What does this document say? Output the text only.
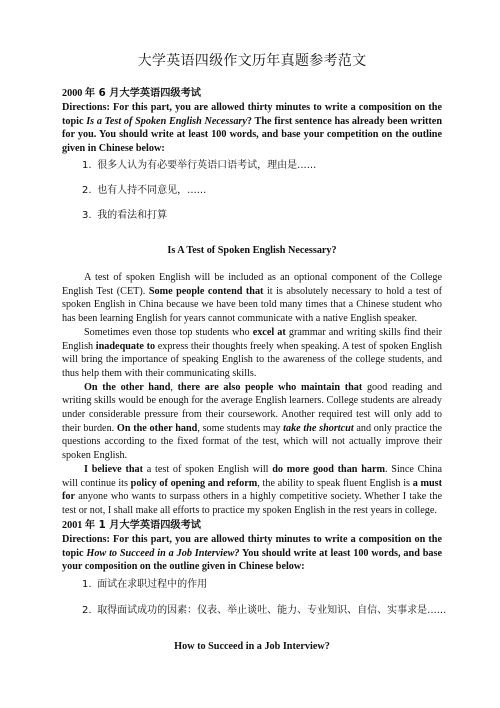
大学英语四级作文历年真题参考范文
2000 年 6 月大学英语四级考试

Directions: For this part, you are allowed thirty minutes to write a composition on the topic Is a Test of Spoken English Necessary? The first sentence has already been written for you. You should write at least 100 words, and base your competition on the outline given in Chinese below:

1. 很多人认为有必要举行英语口语考试，理由是......
2. 也有人持不同意见，......
3. 我的看法和打算
Is A Test of Spoken English Necessary?

A test of spoken English will be included as an optional component of the College English Test (CET). Some people contend that it is absolutely necessary to hold a test of spoken English in China because we have been told many times that a Chinese student who has been learning English for years cannot communicate with a native English speaker.

Sometimes even those top students who excel at grammar and writing skills find their English inadequate to express their thoughts freely when speaking. A test of spoken English will bring the importance of speaking English to the awareness of the college students, and thus help them with their communicating skills.

On the other hand, there are also people who maintain that good reading and writing skills would be enough for the average English learners. College students are already under considerable pressure from their coursework. Another required test will only add to their burden. On the other hand, some students may take the shortcut and only practice the questions according to the fixed format of the test, which will not actually improve their spoken English.

I believe that a test of spoken English will do more good than harm. Since China will continue its policy of opening and reform, the ability to speak fluent English is a must for anyone who wants to surpass others in a highly competitive society. Whether I take the test or not, I shall make all efforts to practice my spoken English in the rest years in college.

2001 年 1 月大学英语四级考试

Directions: For this part, you are allowed thirty minutes to write a composition on the topic How to Succeed in a Job Interview? You should write at least 100 words, and base your composition on the outline given in Chinese below:

1. 面试在求职过程中的作用
2. 取得面试成功的因素：仪表、举止谈吐、能力、专业知识、自信、实事求是......
How to Succeed in a Job Interview?
